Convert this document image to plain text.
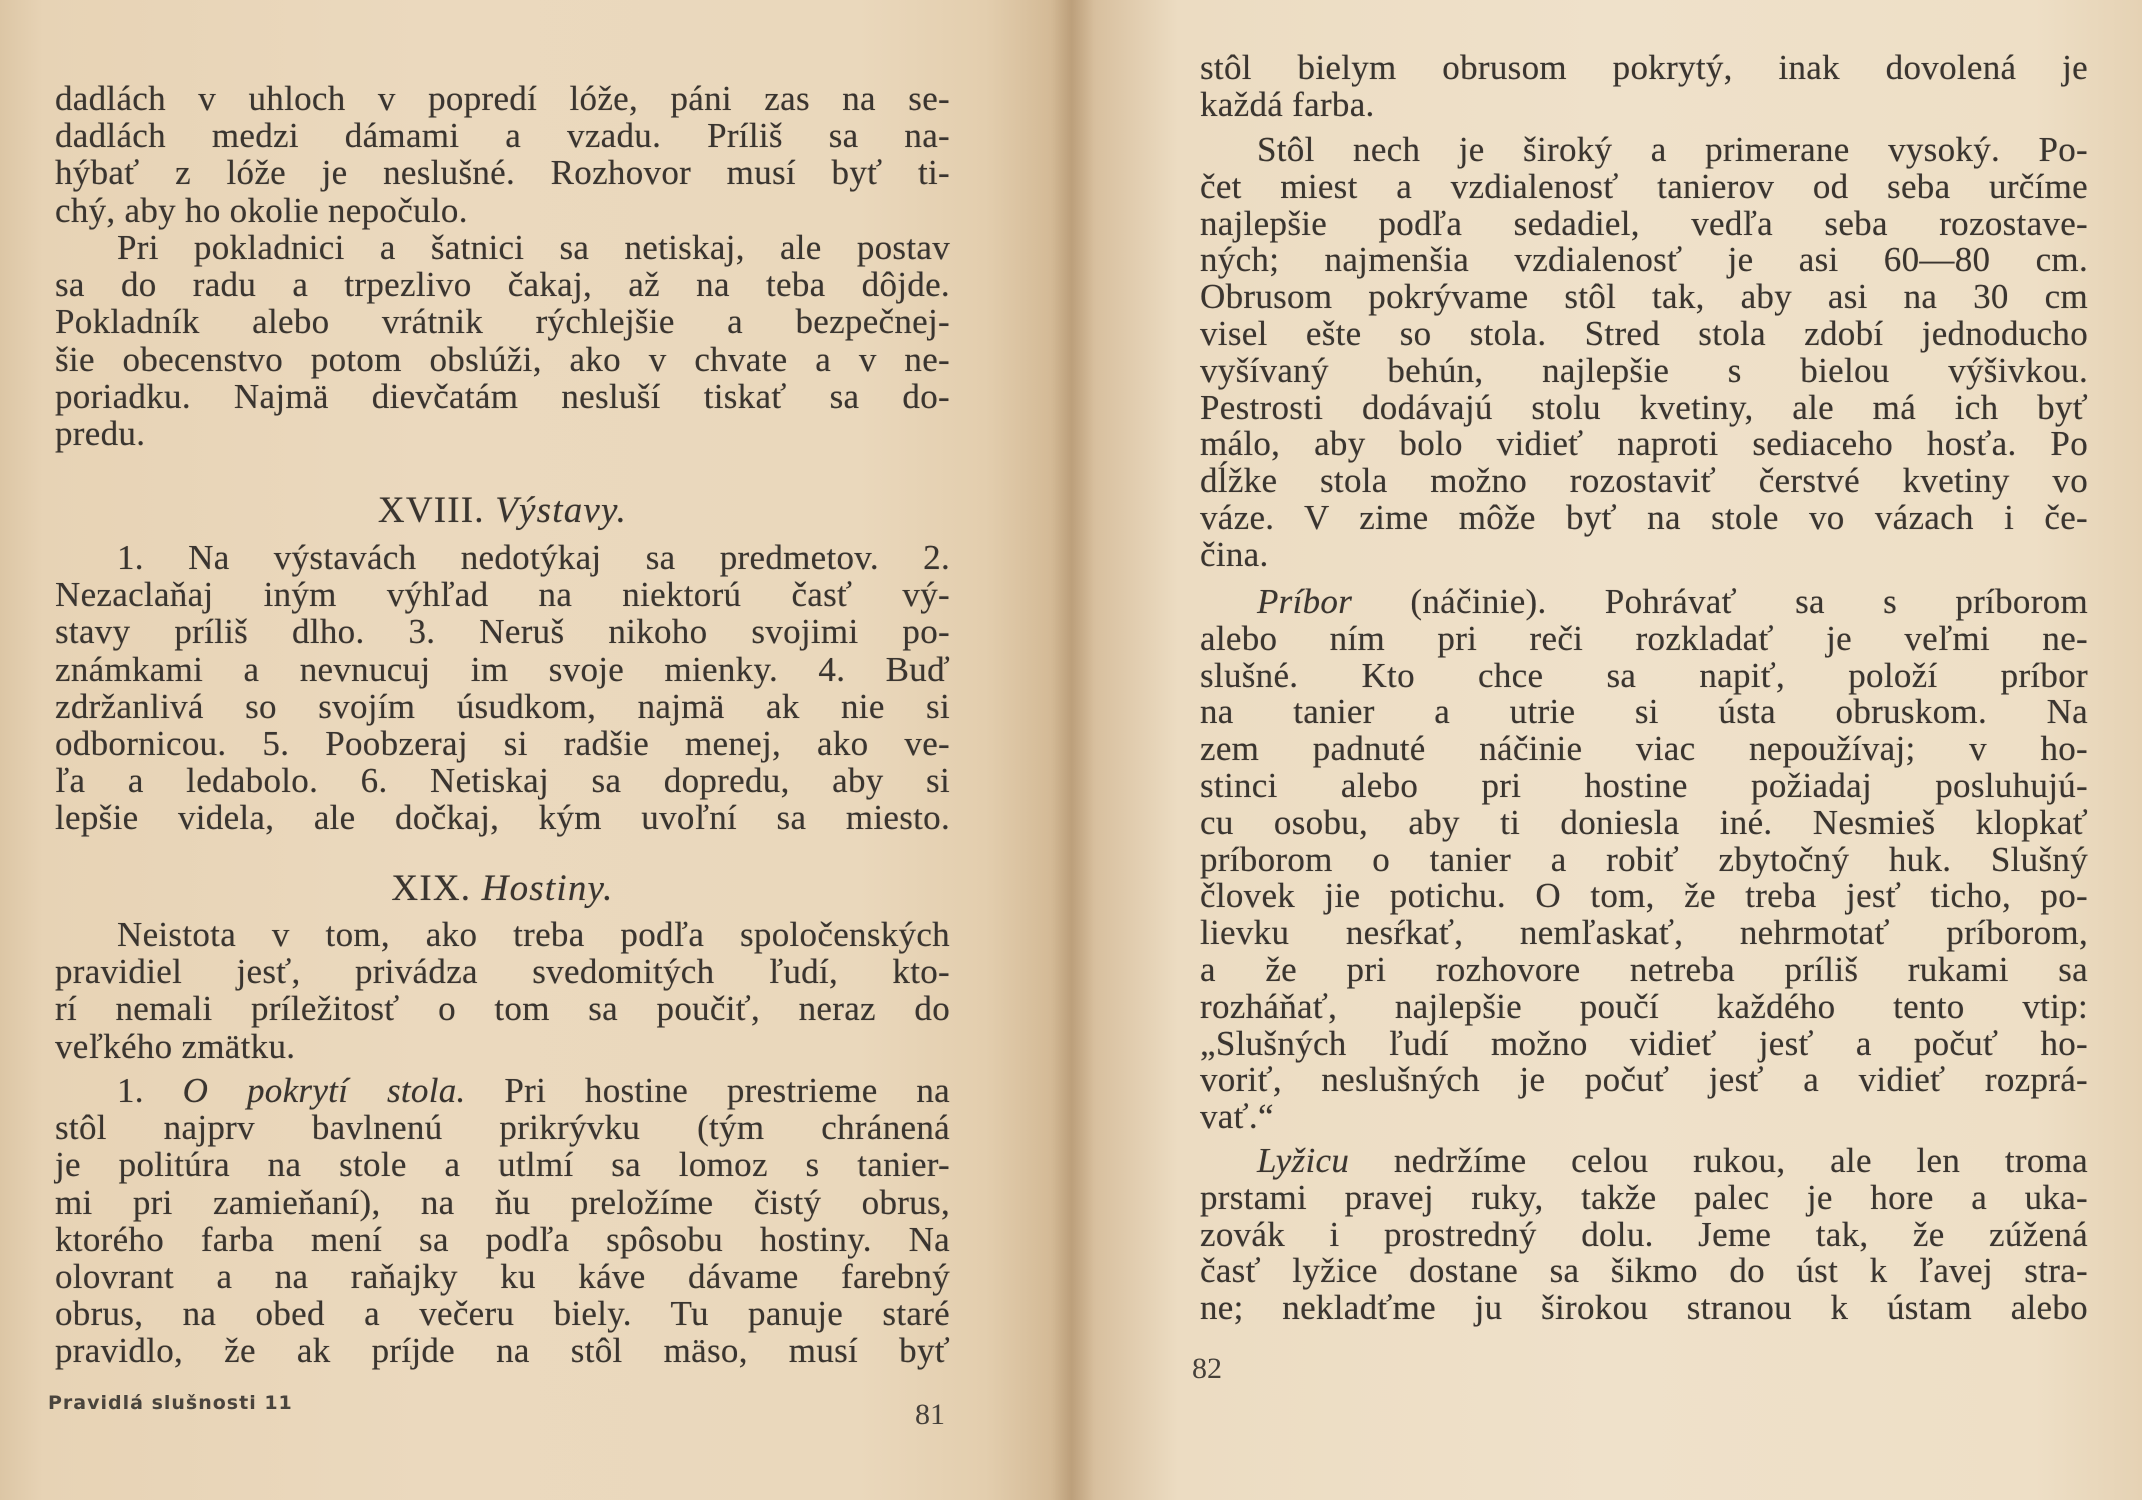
dadlách v uhloch v popredí lóže, páni zas na se-
dadlách medzi dámami a vzadu. Príliš sa na-
hýbať z lóže je neslušné. Rozhovor musí byť ti-
chý, aby ho okolie nepočulo.
Pri pokladnici a šatnici sa netiskaj, ale postav
sa do radu a trpezlivo čakaj, až na teba dôjde.
Pokladník alebo vrátnik rýchlejšie a bezpečnej-
šie obecenstvo potom obslúži, ako v chvate a v ne-
poriadku. Najmä dievčatám nesluší tiskať sa do-
predu.
XVIII. Výstavy.
1. Na výstavách nedotýkaj sa predmetov. 2.
Nezaclaňaj iným výhľad na niektorú časť vý-
stavy príliš dlho. 3. Neruš nikoho svojimi po-
známkami a nevnucuj im svoje mienky. 4. Buď
zdržanlivá so svojím úsudkom, najmä ak nie si
odbornicou. 5. Poobzeraj si radšie menej, ako ve-
ľa a ledabolo. 6. Netiskaj sa dopredu, aby si
lepšie videla, ale dočkaj, kým uvoľní sa miesto.
XIX. Hostiny.
Neistota v tom, ako treba podľa spoločenských
pravidiel jesť, privádza svedomitých ľudí, kto-
rí nemali príležitosť o tom sa poučiť, neraz do
veľkého zmätku.
1. O pokrytí stola. Pri hostine prestrieme na
stôl najprv bavlnenú prikrývku (tým chránená
je politúra na stole a utlmí sa lomoz s tanier-
mi pri zamieňaní), na ňu preložíme čistý obrus,
ktorého farba mení sa podľa spôsobu hostiny. Na
olovrant a na raňajky ku káve dávame farebný
obrus, na obed a večeru biely. Tu panuje staré
pravidlo, že ak príjde na stôl mäso, musí byť
Pravidlá slušnosti 11	81
stôl bielym obrusom pokrytý, inak dovolená je
každá farba.
Stôl nech je široký a primerane vysoký. Po-
čet miest a vzdialenosť tanierov od seba určíme
najlepšie podľa sedadiel, vedľa seba rozostave-
ných; najmenšia vzdialenosť je asi 60—80 cm.
Obrusom pokrývame stôl tak, aby asi na 30 cm
visel ešte so stola. Stred stola zdobí jednoducho
vyšívaný behún, najlepšie s bielou výšivkou.
Pestrosti dodávajú stolu kvetiny, ale má ich byť
málo, aby bolo vidieť naproti sediaceho hosťa. Po
dĺžke stola možno rozostaviť čerstvé kvetiny vo
váze. V zime môže byť na stole vo vázach i če-
čina.
Príbor (náčinie). Pohrávať sa s príborom
alebo ním pri reči rozkladať je veľmi ne-
slušné. Kto chce sa napiť, položí príbor
na tanier a utrie si ústa obruskom. Na
zem padnuté náčinie viac nepoužívaj; v ho-
stinci alebo pri hostine požiadaj posluhujú-
cu osobu, aby ti doniesla iné. Nesmieš klopkať
príborom o tanier a robiť zbytočný huk. Slušný
človek jie potichu. O tom, že treba jesť ticho, po-
lievku nesŕkať, nemľaskať, nehrmotať príborom,
a že pri rozhovore netreba príliš rukami sa
rozháňať, najlepšie poučí každého tento vtip:
„Slušných ľudí možno vidieť jesť a počuť ho-
voriť, neslušných je počuť jesť a vidieť rozprá-
vať.“
Lyžicu nedržíme celou rukou, ale len troma
prstami pravej ruky, takže palec je hore a uka-
zovák i prostredný dolu. Jeme tak, že zúžená
časť lyžice dostane sa šikmo do úst k ľavej stra-
ne; nekladťme ju širokou stranou k ústam alebo
82
